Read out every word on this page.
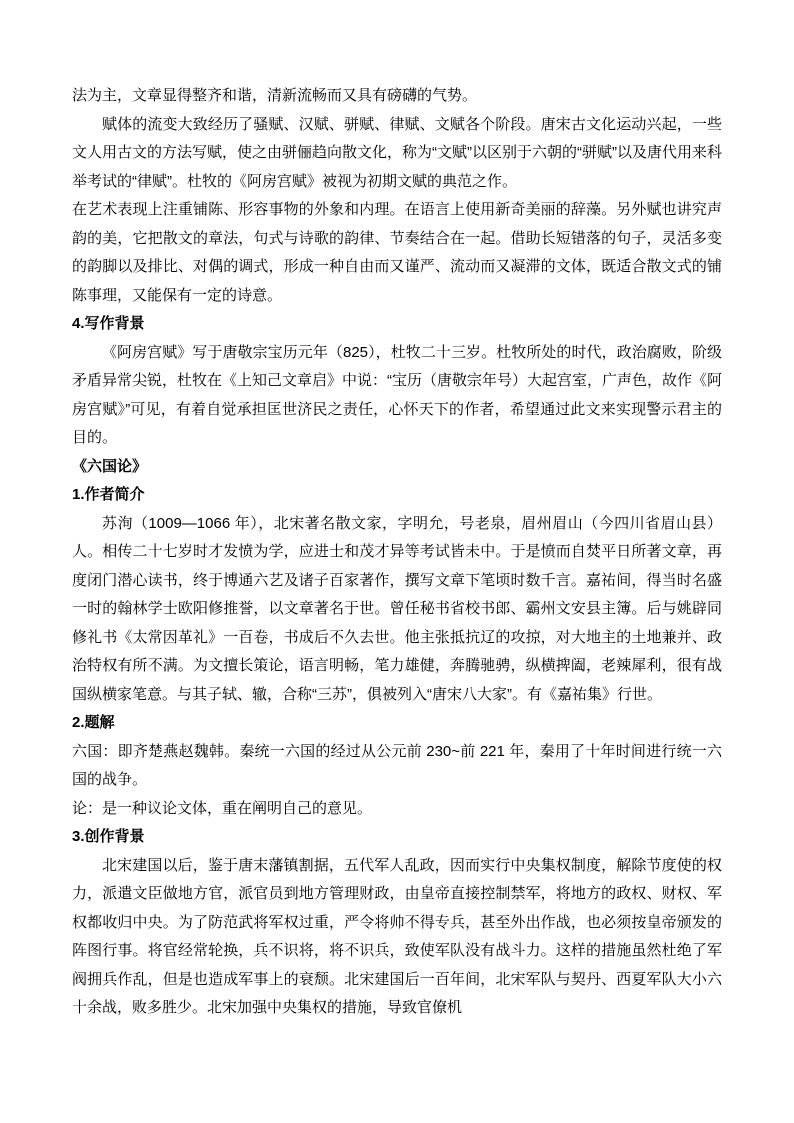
法为主，文章显得整齐和谐，清新流畅而又具有磅礴的气势。

赋体的流变大致经历了骚赋、汉赋、骈赋、律赋、文赋各个阶段。唐宋古文化运动兴起，一些文人用古文的方法写赋，使之由骈俪趋向散文化，称为“文赋”以区别于六朝的“骈赋”以及唐代用来科举考试的“律赋”。杜牧的《阿房宫赋》被视为初期文赋的典范之作。

在艺术表现上注重铺陈、形容事物的外象和内理。在语言上使用新奇美丽的辞藻。另外赋也讲究声韵的美，它把散文的章法，句式与诗歌的韵律、节奏结合在一起。借助长短错落的句子，灵活多变的韵脚以及排比、对偶的调式，形成一种自由而又谨严、流动而又凝滞的文体，既适合散文式的铺陈事理，又能保有一定的诗意。

4.写作背景

《阿房宫赋》写于唐敬宗宝历元年（825），杜牧二十三岁。杜牧所处的时代，政治腐败，阶级矛盾异常尖锐，杜牧在《上知己文章启》中说：“宝历（唐敬宗年号）大起宫室，广声色，故作《阿房宫赋》”可见，有着自觉承担匡世济民之责任，心怀天下的作者，希望通过此文来实现警示君主的目的。

《六国论》

1.作者简介

苏洵（1009—1066 年），北宋著名散文家，字明允，号老泉，眉州眉山（今四川省眉山县）人。相传二十七岁时才发愤为学，应进士和茂才异等考试皆未中。于是愤而自焚平日所著文章，再度闭门潜心读书，终于博通六艺及诸子百家著作，撰写文章下笔顷时数千言。嘉祐间，得当时名盛一时的翰林学士欧阳修推誉，以文章著名于世。曾任秘书省校书郎、霸州文安县主簿。后与姚辟同修礼书《太常因革礼》一百卷，书成后不久去世。他主张抵抗辽的攻掠，对大地主的土地兼并、政治特权有所不满。为文擅长策论，语言明畅，笔力雄健，奔腾驰骋，纵横捭阖，老辣犀利，很有战国纵横家笔意。与其子轼、辙，合称“三苏”，俱被列入“唐宋八大家”。有《嘉祐集》行世。

2.题解

六国：即齐楚燕赵魏韩。秦统一六国的经过从公元前 230~前 221 年，秦用了十年时间进行统一六国的战争。

论：是一种议论文体，重在阐明自己的意见。

3.创作背景

北宋建国以后，鉴于唐末藩镇割据，五代军人乱政，因而实行中央集权制度，解除节度使的权力，派遣文臣做地方官，派官员到地方管理财政，由皇帝直接控制禁军，将地方的政权、财权、军权都收归中央。为了防范武将军权过重，严令将帅不得专兵，甚至外出作战，也必须按皇帝颁发的阵图行事。将官经常轮换，兵不识将，将不识兵，致使军队没有战斗力。这样的措施虽然杜绝了军阀拥兵作乱，但是也造成军事上的衰颓。北宋建国后一百年间，北宋军队与契丹、西夏军队大小六十余战，败多胜少。北宋加强中央集权的措施，导致官僚机
